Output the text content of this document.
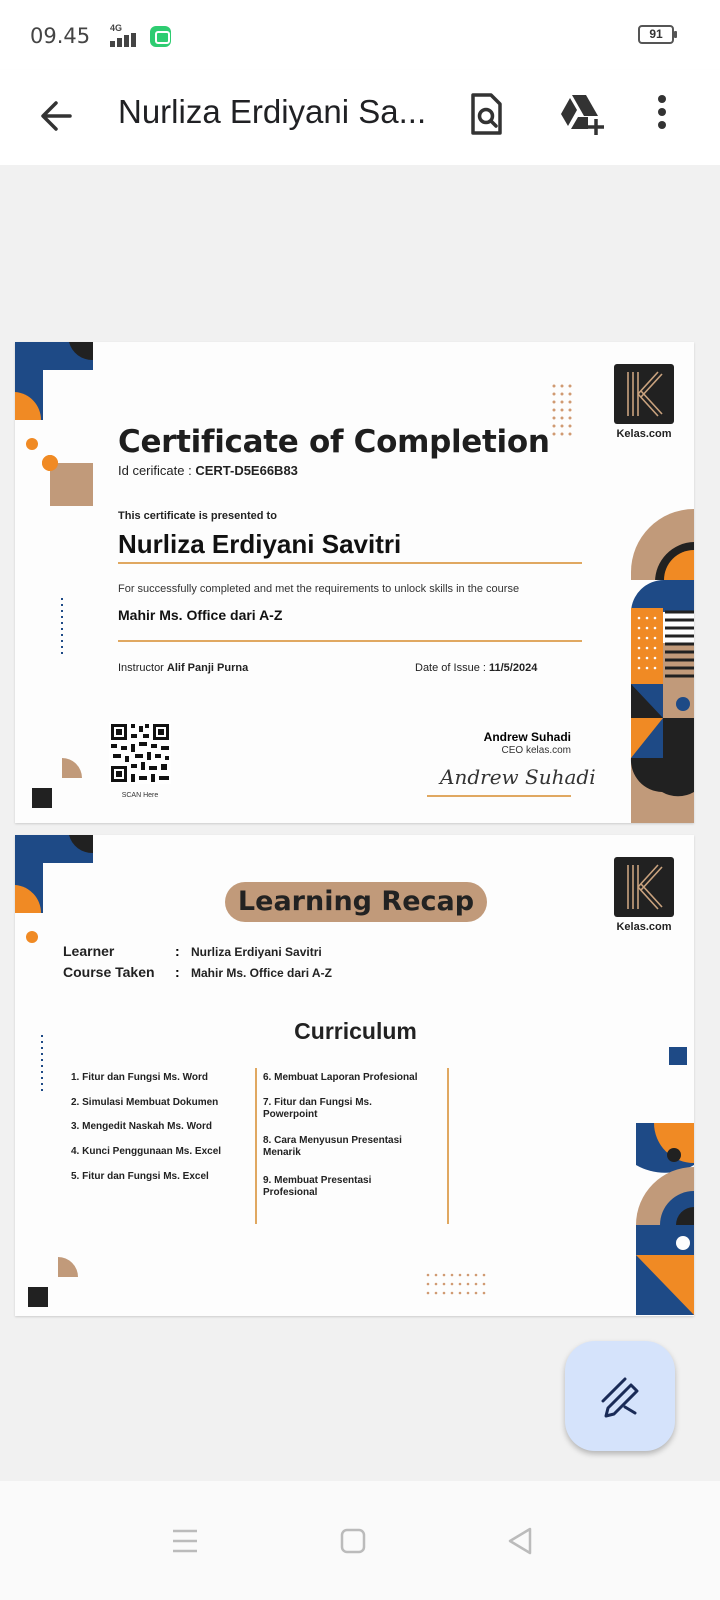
09.45 4G	91
Nurliza Erdiyani Sa...
Kelas.com
Certificate of Completion
Id cerificate : CERT-D5E66B83
This certificate is presented to
Nurliza Erdiyani Savitri
For successfully completed and met the requirements to unlock skills in the course
Mahir Ms. Office dari A-Z
Instructor Alif Panji Purna	Date of Issue : 11/5/2024
SCAN Here
Andrew Suhadi
CEO kelas.com
Andrew Suhadi
Kelas.com
Learning Recap
Learner	: Nurliza Erdiyani Savitri
Course Taken : Mahir Ms. Office dari A-Z
Curriculum
1. Fitur dan Fungsi Ms. Word
2. Simulasi Membuat Dokumen
3. Mengedit Naskah Ms. Word
4. Kunci Penggunaan Ms. Excel
5. Fitur dan Fungsi Ms. Excel
6. Membuat Laporan Profesional
7. Fitur dan Fungsi Ms. Powerpoint
8. Cara Menyusun Presentasi Menarik
9. Membuat Presentasi Profesional
